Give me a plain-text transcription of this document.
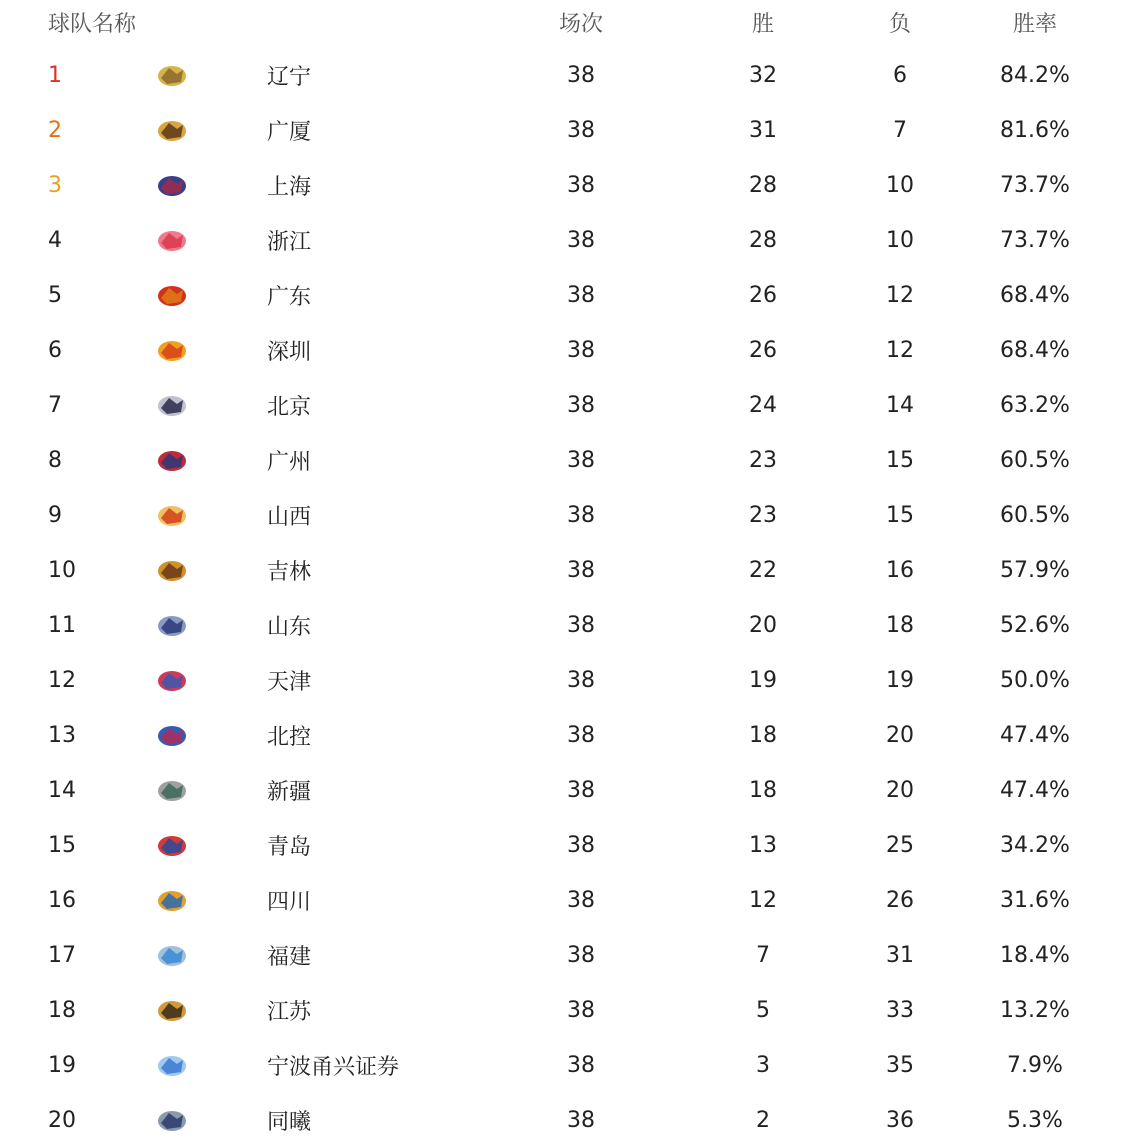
球队名称	场次	胜	负	胜率
1	辽宁	38	32	6	84.2%
2	广厦	38	31	7	81.6%
3	上海	38	28	10	73.7%
4	浙江	38	28	10	73.7%
5	广东	38	26	12	68.4%
6	深圳	38	26	12	68.4%
7	北京	38	24	14	63.2%
8	广州	38	23	15	60.5%
9	山西	38	23	15	60.5%
10	吉林	38	22	16	57.9%
11	山东	38	20	18	52.6%
12	天津	38	19	19	50.0%
13	北控	38	18	20	47.4%
14	新疆	38	18	20	47.4%
15	青岛	38	13	25	34.2%
16	四川	38	12	26	31.6%
17	福建	38	7	31	18.4%
18	江苏	38	5	33	13.2%
19	宁波甬兴证券	38	3	35	7.9%
20	同曦	38	2	36	5.3%
